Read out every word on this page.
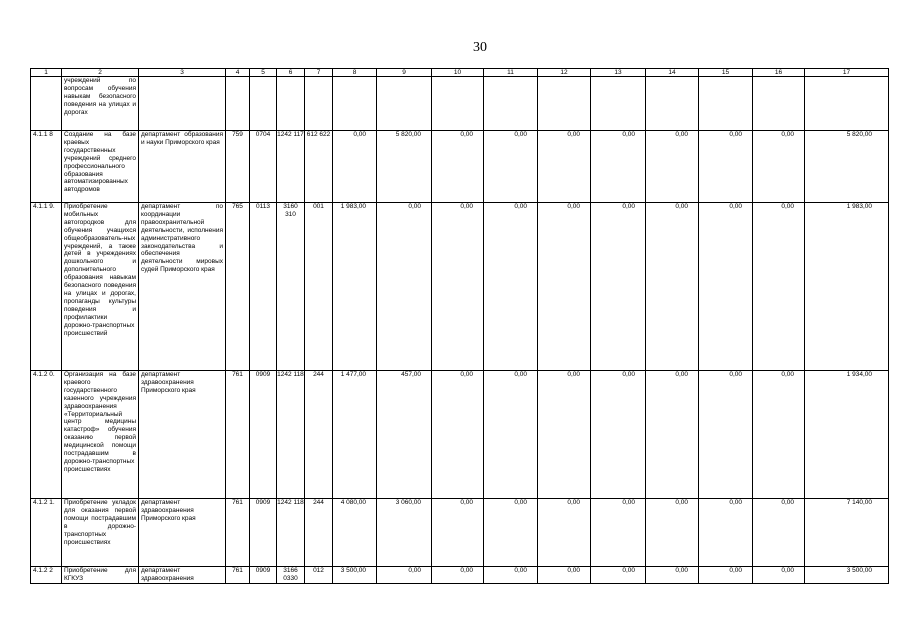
30
1	2	3	4	5	6	7	8	9	10	11	12	13	14	15	16	17
	учреждений по вопросам обучения навыкам безопасного поведения на улицах и дорогах															
4.1.1 8	Создание на базе краевых государственных учреждений среднего профессионального образования автоматизированных автодромов	департамент образования и науки Приморского края	759	0704	1242 117	612 622	0,00	5 820,00	0,00	0,00	0,00	0,00	0,00	0,00	0,00	5 820,00
4.1.1 9.	Приобретение мобильных автогородков для обучения учащихся общеобразователь-ных учреждений, а также детей в учреждениях дошкольного и дополнительного образования навыкам безопасного поведения на улицах и дорогах, пропаганды культуры поведения и профилактики дорожно-транспортных происшествий	департамент по координации правоохранительной деятельности, исполнения административного законодательства и обеспечения деятельности мировых судей Приморского края	765	0113	3160 310	001	1 983,00	0,00	0,00	0,00	0,00	0,00	0,00	0,00	0,00	1 983,00
4.1.2 0.	Организация на базе краевого государственного казенного учреждения здравоохранения «Территориальный центр медицины катастроф» обучения оказанию первой медицинской помощи пострадавшим в дорожно-транспортных происшествиях	департамент здравоохранения Приморского края	761	0909	1242 118	244	1 477,00	457,00	0,00	0,00	0,00	0,00	0,00	0,00	0,00	1 934,00
4.1.2 1.	Приобретение укладок для оказания первой помощи пострадавшим в дорожно-транспортных происшествиях	департамент здравоохранения Приморского края	761	0909	1242 118	244	4 080,00	3 060,00	0,00	0,00	0,00	0,00	0,00	0,00	0,00	7 140,00
4.1.2 2	Приобретение для КГКУЗ	департамент здравоохранения	761	0909	3166 0330	012	3 500,00	0,00	0,00	0,00	0,00	0,00	0,00	0,00	0,00	3 500,00
